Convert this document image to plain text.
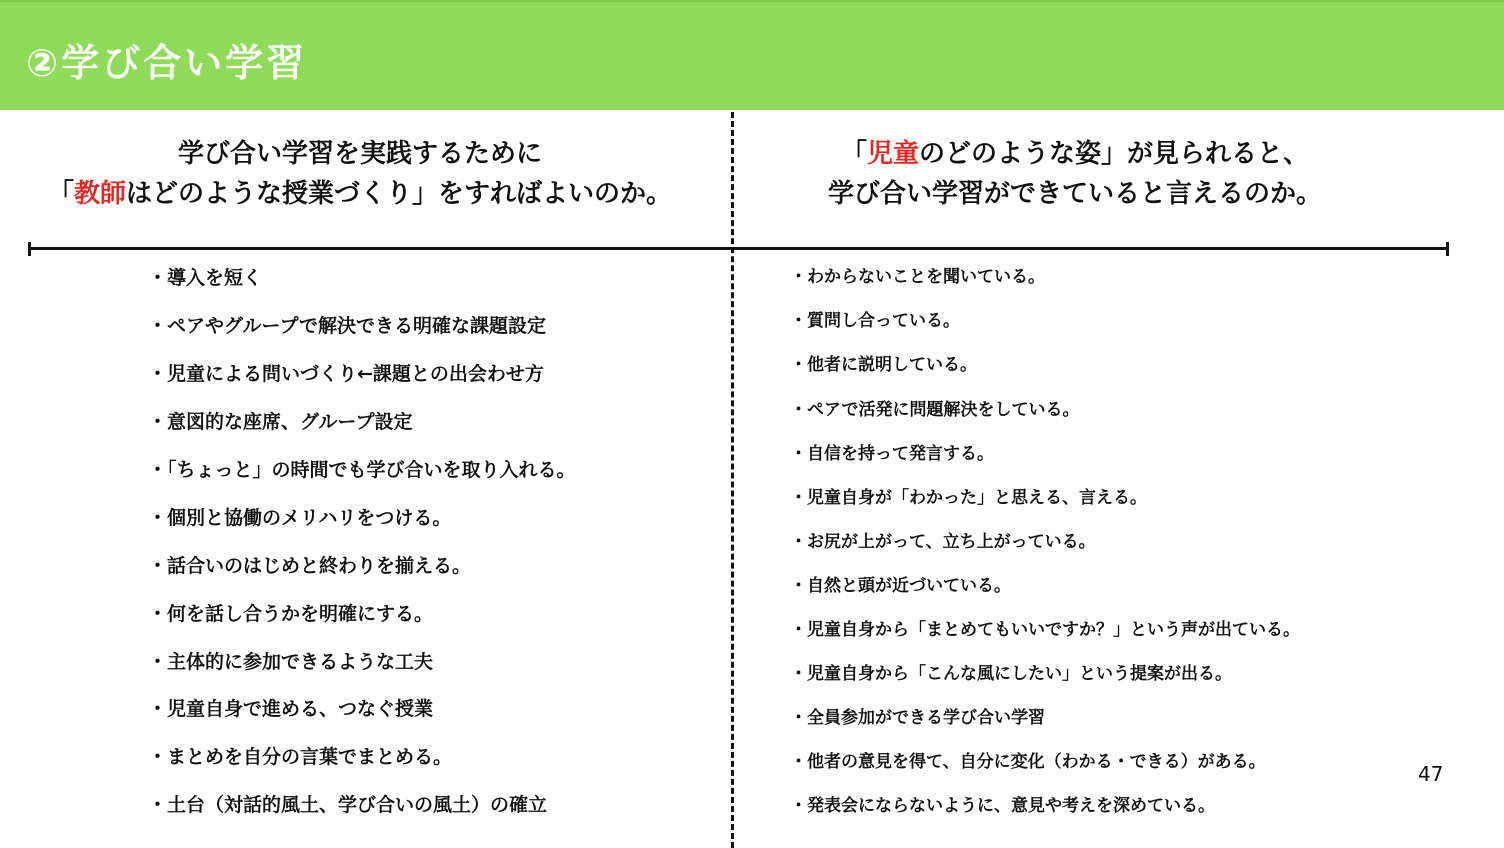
②学び合い学習
学び合い学習を実践するために
「教師はどのような授業づくり」をすればよいのか。
「児童のどのような姿」が見られると、
学び合い学習ができていると言えるのか。
・導入を短く
・ペアやグループで解決できる明確な課題設定
・児童による問いづくり←課題との出会わせ方
・意図的な座席、グループ設定
・「ちょっと」の時間でも学び合いを取り入れる。
・個別と協働のメリハリをつける。
・話合いのはじめと終わりを揃える。
・何を話し合うかを明確にする。
・主体的に参加できるような工夫
・児童自身で進める、つなぐ授業
・まとめを自分の言葉でまとめる。
・土台（対話的風土、学び合いの風土）の確立
・わからないことを聞いている。
・質問し合っている。
・他者に説明している。
・ペアで活発に問題解決をしている。
・自信を持って発言する。
・児童自身が「わかった」と思える、言える。
・お尻が上がって、立ち上がっている。
・自然と頭が近づいている。
・児童自身から「まとめてもいいですか？」という声が出ている。
・児童自身から「こんな風にしたい」という提案が出る。
・全員参加ができる学び合い学習
・他者の意見を得て、自分に変化（わかる・できる）がある。
・発表会にならないように、意見や考えを深めている。
47
